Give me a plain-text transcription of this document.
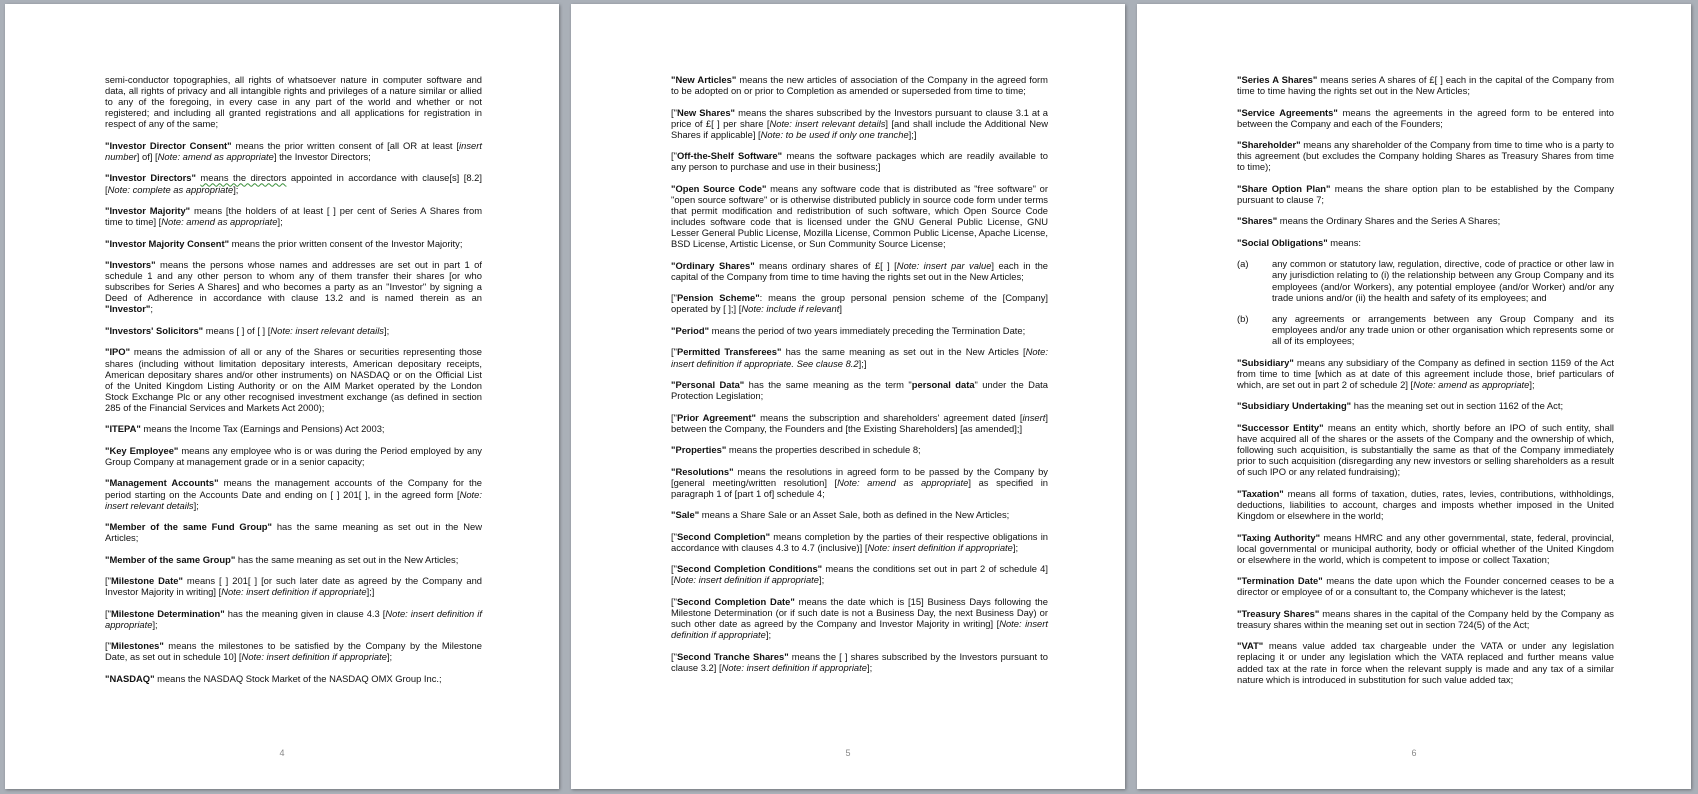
semi-conductor topographies, all rights of whatsoever nature in computer software and data, all rights of privacy and all intangible rights and privileges of a nature similar or allied to any of the foregoing, in every case in any part of the world and whether or not registered; and including all granted registrations and all applications for registration in respect of any of the same;

"Investor Director Consent" means the prior written consent of [all OR at least [insert number] of] [Note: amend as appropriate] the Investor Directors;

"Investor Directors" means the directors appointed in accordance with clause[s] [8.2] [Note: complete as appropriate];

"Investor Majority" means [the holders of at least [ ] per cent of Series A Shares from time to time] [Note: amend as appropriate];

"Investor Majority Consent" means the prior written consent of the Investor Majority;

"Investors" means the persons whose names and addresses are set out in part 1 of schedule 1 and any other person to whom any of them transfer their shares [or who subscribes for Series A Shares] and who becomes a party as an "Investor" by signing a Deed of Adherence in accordance with clause 13.2 and is named therein as an "Investor";

"Investors' Solicitors" means [ ] of [ ] [Note: insert relevant details];

"IPO" means the admission of all or any of the Shares or securities representing those shares (including without limitation depositary interests, American depositary receipts, American depositary shares and/or other instruments) on NASDAQ or on the Official List of the United Kingdom Listing Authority or on the AIM Market operated by the London Stock Exchange Plc or any other recognised investment exchange (as defined in section 285 of the Financial Services and Markets Act 2000);

"ITEPA" means the Income Tax (Earnings and Pensions) Act 2003;

"Key Employee" means any employee who is or was during the Period employed by any Group Company at management grade or in a senior capacity;

"Management Accounts" means the management accounts of the Company for the period starting on the Accounts Date and ending on [ ] 201[ ], in the agreed form [Note: insert relevant details];

"Member of the same Fund Group" has the same meaning as set out in the New Articles;

"Member of the same Group" has the same meaning as set out in the New Articles;

["Milestone Date" means [ ] 201[ ] [or such later date as agreed by the Company and Investor Majority in writing] [Note: insert definition if appropriate];]

["Milestone Determination" has the meaning given in clause 4.3 [Note: insert definition if appropriate];

["Milestones" means the milestones to be satisfied by the Company by the Milestone Date, as set out in schedule 10] [Note: insert definition if appropriate];

"NASDAQ" means the NASDAQ Stock Market of the NASDAQ OMX Group Inc.;

4

"New Articles" means the new articles of association of the Company in the agreed form to be adopted on or prior to Completion as amended or superseded from time to time;

["New Shares" means the shares subscribed by the Investors pursuant to clause 3.1 at a price of £[ ] per share [Note: insert relevant details] [and shall include the Additional New Shares if applicable] [Note: to be used if only one tranche];]

["Off-the-Shelf Software" means the software packages which are readily available to any person to purchase and use in their business;]

"Open Source Code" means any software code that is distributed as "free software" or "open source software" or is otherwise distributed publicly in source code form under terms that permit modification and redistribution of such software, which Open Source Code includes software code that is licensed under the GNU General Public License, GNU Lesser General Public License, Mozilla License, Common Public License, Apache License, BSD License, Artistic License, or Sun Community Source License;

"Ordinary Shares" means ordinary shares of £[ ] [Note: insert par value] each in the capital of the Company from time to time having the rights set out in the New Articles;

["Pension Scheme": means the group personal pension scheme of the [Company] operated by [ ];] [Note: include if relevant]

"Period" means the period of two years immediately preceding the Termination Date;

["Permitted Transferees" has the same meaning as set out in the New Articles [Note: insert definition if appropriate. See clause 8.2];]

"Personal Data" has the same meaning as the term "personal data" under the Data Protection Legislation;

["Prior Agreement" means the subscription and shareholders' agreement dated [insert] between the Company, the Founders and [the Existing Shareholders] [as amended];]

"Properties" means the properties described in schedule 8;

"Resolutions" means the resolutions in agreed form to be passed by the Company by [general meeting/written resolution] [Note: amend as appropriate] as specified in paragraph 1 of [part 1 of] schedule 4;

"Sale" means a Share Sale or an Asset Sale, both as defined in the New Articles;

["Second Completion" means completion by the parties of their respective obligations in accordance with clauses 4.3 to 4.7 (inclusive)] [Note: insert definition if appropriate];

["Second Completion Conditions" means the conditions set out in part 2 of schedule 4] [Note: insert definition if appropriate];

["Second Completion Date" means the date which is [15] Business Days following the Milestone Determination (or if such date is not a Business Day, the next Business Day) or such other date as agreed by the Company and Investor Majority in writing] [Note: insert definition if appropriate];

["Second Tranche Shares" means the [ ] shares subscribed by the Investors pursuant to clause 3.2] [Note: insert definition if appropriate];

5

"Series A Shares" means series A shares of £[ ] each in the capital of the Company from time to time having the rights set out in the New Articles;

"Service Agreements" means the agreements in the agreed form to be entered into between the Company and each of the Founders;

"Shareholder" means any shareholder of the Company from time to time who is a party to this agreement (but excludes the Company holding Shares as Treasury Shares from time to time);

"Share Option Plan" means the share option plan to be established by the Company pursuant to clause 7;

"Shares" means the Ordinary Shares and the Series A Shares;

"Social Obligations" means:

(a)	any common or statutory law, regulation, directive, code of practice or other law in any jurisdiction relating to (i) the relationship between any Group Company and its employees (and/or Workers), any potential employee (and/or Worker) and/or any trade unions and/or (ii) the health and safety of its employees; and
(b)	any agreements or arrangements between any Group Company and its employees and/or any trade union or other organisation which represents some or all of its employees;

"Subsidiary" means any subsidiary of the Company as defined in section 1159 of the Act from time to time [which as at date of this agreement include those, brief particulars of which, are set out in part 2 of schedule 2] [Note: amend as appropriate];

"Subsidiary Undertaking" has the meaning set out in section 1162 of the Act;

"Successor Entity" means an entity which, shortly before an IPO of such entity, shall have acquired all of the shares or the assets of the Company and the ownership of which, following such acquisition, is substantially the same as that of the Company immediately prior to such acquisition (disregarding any new investors or selling shareholders as a result of such IPO or any related fundraising);

"Taxation" means all forms of taxation, duties, rates, levies, contributions, withholdings, deductions, liabilities to account, charges and imposts whether imposed in the United Kingdom or elsewhere in the world;

"Taxing Authority" means HMRC and any other governmental, state, federal, provincial, local governmental or municipal authority, body or official whether of the United Kingdom or elsewhere in the world, which is competent to impose or collect Taxation;

"Termination Date" means the date upon which the Founder concerned ceases to be a director or employee of or a consultant to, the Company whichever is the latest;

"Treasury Shares" means shares in the capital of the Company held by the Company as treasury shares within the meaning set out in section 724(5) of the Act;

"VAT" means value added tax chargeable under the VATA or under any legislation replacing it or under any legislation which the VATA replaced and further means value added tax at the rate in force when the relevant supply is made and any tax of a similar nature which is introduced in substitution for such value added tax;

6
